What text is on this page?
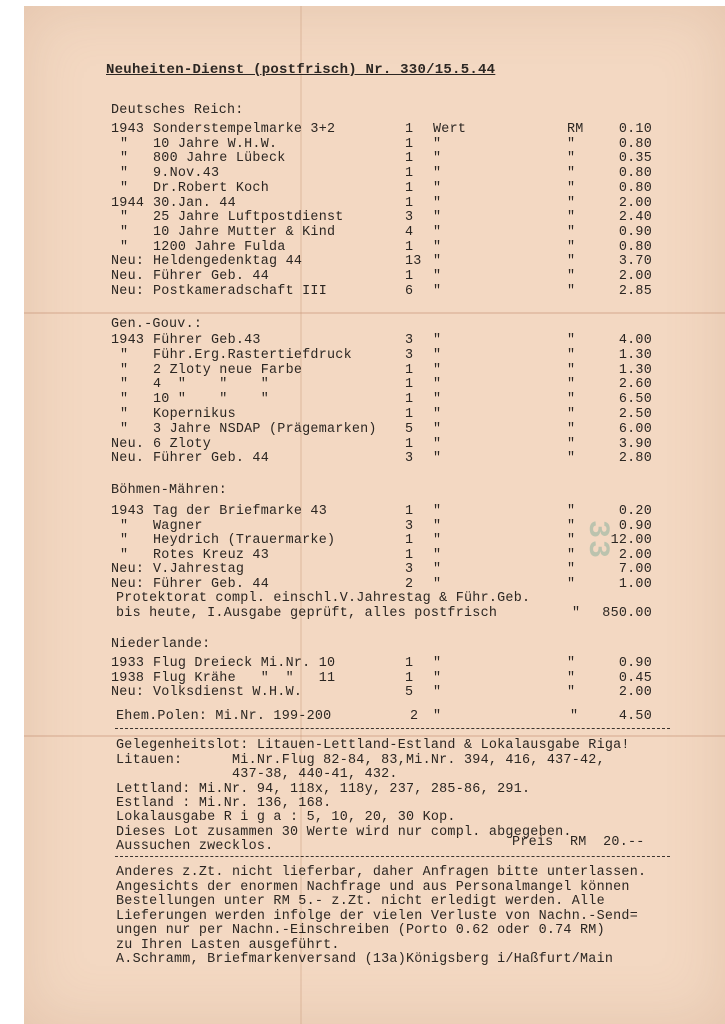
33
Neuheiten-Dienst (postfrisch) Nr. 330/15.5.44
Deutsches Reich:
1943 Sonderstempelmarke 3+2	1 Wert	RM	0.10
" 10 Jahre W.H.W.	1 "	"	0.80
" 800 Jahre Lübeck	1 "	"	0.35
" 9.Nov.43	1 "	"	0.80
" Dr.Robert Koch	1 "	"	0.80
1944 30.Jan. 44	1 "	"	2.00
" 25 Jahre Luftpostdienst	3 "	"	2.40
" 10 Jahre Mutter & Kind	4 "	"	0.90
" 1200 Jahre Fulda	1 "	"	0.80
Neu: Heldengedenktag 44	13 "	"	3.70
Neu. Führer Geb. 44	1 "	"	2.00
Neu: Postkameradschaft III	6 "	"	2.85
Gen.-Gouv.:
1943 Führer Geb.43	3 "	"	4.00
" Führ.Erg.Rastertiefdruck	3 "	"	1.30
" 2 Zloty neue Farbe	1 "	"	1.30
" 4  "    "    "	1 "	"	2.60
" 10 "    "    "	1 "	"	6.50
" Kopernikus	1 "	"	2.50
" 3 Jahre NSDAP (Prägemarken) 5 "	"	6.00
Neu. 6 Zloty	1 "	"	3.90
Neu. Führer Geb. 44	3 "	"	2.80
Böhmen-Mähren:
1943 Tag der Briefmarke 43	1 "	"	0.20
" Wagner	3 "	"	0.90
" Heydrich (Trauermarke)	1 "	"	12.00
" Rotes Kreuz 43	1 "	"	2.00
Neu: V.Jahrestag	3 "	"	7.00
Neu: Führer Geb. 44	2 "	"	1.00
Protektorat compl. einschl.V.Jahrestag & Führ.Geb.
bis heute, I.Ausgabe geprüft, alles postfrisch	"	850.00
Niederlande:
1933 Flug Dreieck Mi.Nr. 10	1 "	"	0.90
1938 Flug Krähe   "  "   11	1 "	"	0.45
Neu: Volksdienst W.H.W.	5 "	"	2.00
Ehem.Polen: Mi.Nr. 199-200	2 "	"	4.50
Gelegenheitslot: Litauen-Lettland-Estland & Lokalausgabe Riga!
Litauen:      Mi.Nr.Flug 82-84, 83,Mi.Nr. 394, 416, 437-42,
437-38, 440-41, 432.
Lettland: Mi.Nr. 94, 118x, 118y, 237, 285-86, 291.
Estland : Mi.Nr. 136, 168.
Lokalausgabe R i g a : 5, 10, 20, 30 Kop.
Dieses Lot zusammen 30 Werte wird nur compl. abgegeben.
Aussuchen zwecklos.	Preis  RM  20.--
Anderes z.Zt. nicht lieferbar, daher Anfragen bitte unterlassen.
Angesichts der enormen Nachfrage und aus Personalmangel können
Bestellungen unter RM 5.- z.Zt. nicht erledigt werden. Alle
Lieferungen werden infolge der vielen Verluste von Nachn.-Send=
ungen nur per Nachn.-Einschreiben (Porto 0.62 oder 0.74 RM)
zu Ihren Lasten ausgeführt.
A.Schramm, Briefmarkenversand (13a)Königsberg i/Haßfurt/Main
